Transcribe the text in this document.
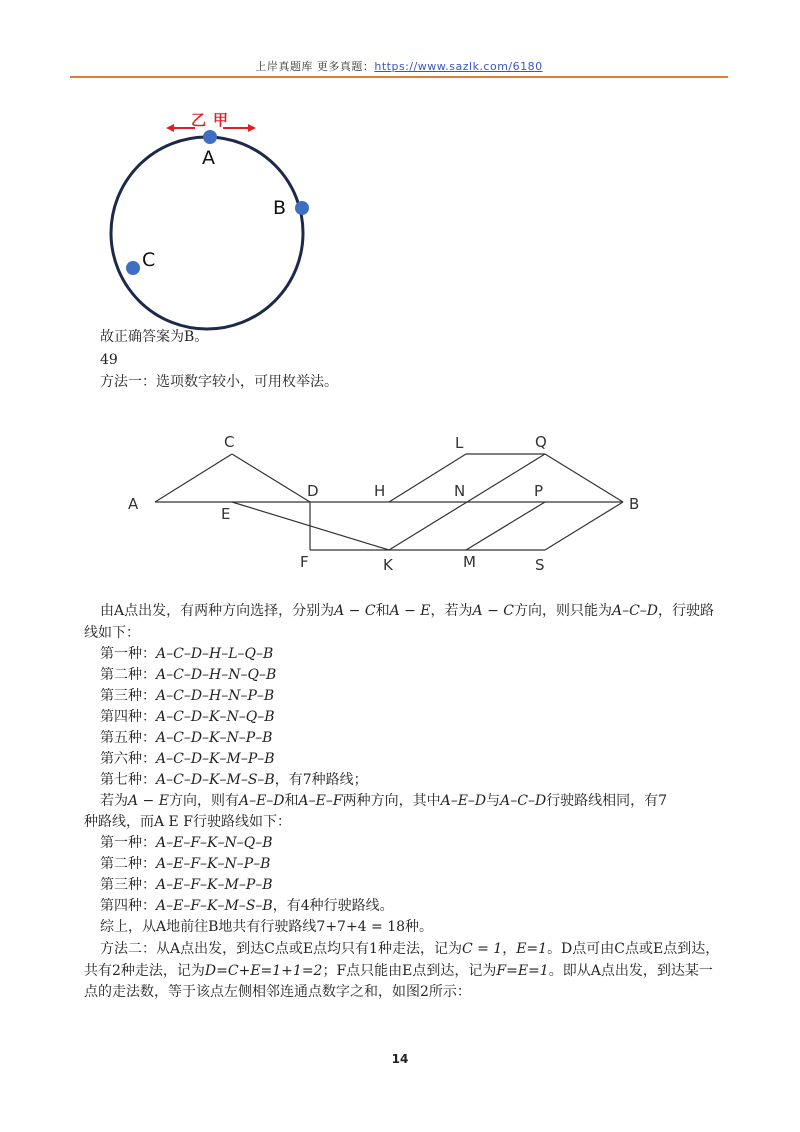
上岸真题库 更多真题：https://www.sazlk.com/6180
乙 甲
A
B
C
故正确答案为B。
49
方法一：选项数字较小，可用枚举法。
A
C
D
E
F
H
K
L
M
N	P
Q
S
B
由A点出发，有两种方向选择，分别为A − C和A − E，若为A − C方向，则只能为A–C–D，行驶路
线如下：
第一种：A–C–D–H–L–Q–B
第二种：A–C–D–H–N–Q–B
第三种：A–C–D–H–N–P–B
第四种：A–C–D–K–N–Q–B
第五种：A–C–D–K–N–P–B
第六种：A–C–D–K–M–P–B
第七种：A–C–D–K–M–S–B，有7种路线；
若为A − E方向，则有A–E–D和A–E–F两种方向，其中A–E–D与A–C–D行驶路线相同，有7
种路线，而A E F行驶路线如下：
第一种：A–E–F–K–N–Q–B
第二种：A–E–F–K–N–P–B
第三种：A–E–F–K–M–P–B
第四种：A–E–F–K–M–S–B，有4种行驶路线。
综上，从A地前往B地共有行驶路线7+7+4 = 18种。
方法二：从A点出发，到达C点或E点均只有1种走法，记为C = 1，E=1。D点可由C点或E点到达，
共有2种走法，记为D=C+E=1+1=2；F点只能由E点到达，记为F=E=1。即从A点出发，到达某一
点的走法数，等于该点左侧相邻连通点数字之和，如图2所示：
14
